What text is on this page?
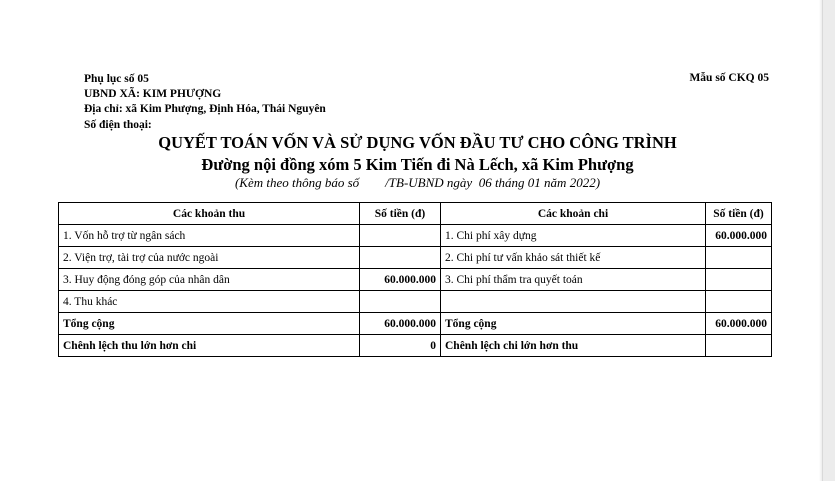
Phụ lục số 05
UBND XÃ: KIM PHƯỢNG
Địa chỉ: xã Kim Phượng, Định Hóa, Thái Nguyên
Số điện thoại:
Mẫu số CKQ 05
QUYẾT TOÁN VỐN VÀ SỬ DỤNG VỐN ĐẦU TƯ CHO CÔNG TRÌNH
Đường nội đồng xóm 5 Kim Tiến đi Nà Lếch, xã Kim Phượng
(Kèm theo thông báo số        /TB-UBND ngày  06 tháng 01 năm 2022)
Các khoản thu	Số tiền (đ)	Các khoản chi	Số tiền (đ)
1. Vốn hỗ trợ từ ngân sách		1. Chi phí xây dựng	60.000.000
2. Viện trợ, tài trợ của nước ngoài		2. Chi phí tư vấn khảo sát thiết kế	
3. Huy động đóng góp của nhân dân	60.000.000	3. Chi phí thẩm tra quyết toán	
4. Thu khác			
Tổng cộng	60.000.000	Tổng cộng	60.000.000
Chênh lệch thu lớn hơn chi	0	Chênh lệch chi lớn hơn thu	
